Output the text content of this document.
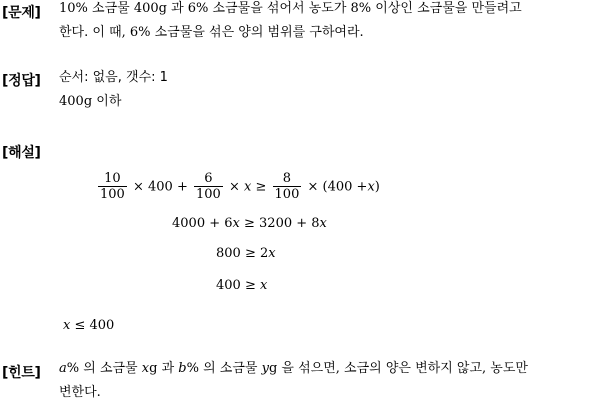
[문제] 10% 소금물 400g 과 6% 소금물을 섞어서 농도가 8% 이상인 소금물을 만들려고
한다. 이 때, 6% 소금물을 섞은 양의 범위를 구하여라.
[정답] 순서: 없음, 갯수: 1
400g 이하
[해설]
$\frac{10}{100} \times 400 + \frac{6}{100} \times x \ge \frac{8}{100} \times (400 +x)$
4000 + 6x ≥ 3200 + 8x
800 ≥ 2x
400 ≥ x
x ≤ 400
[힌트] a% 의 소금물 xg 과 b% 의 소금물 yg 을 섞으면, 소금의 양은 변하지 않고, 농도만
변한다.
